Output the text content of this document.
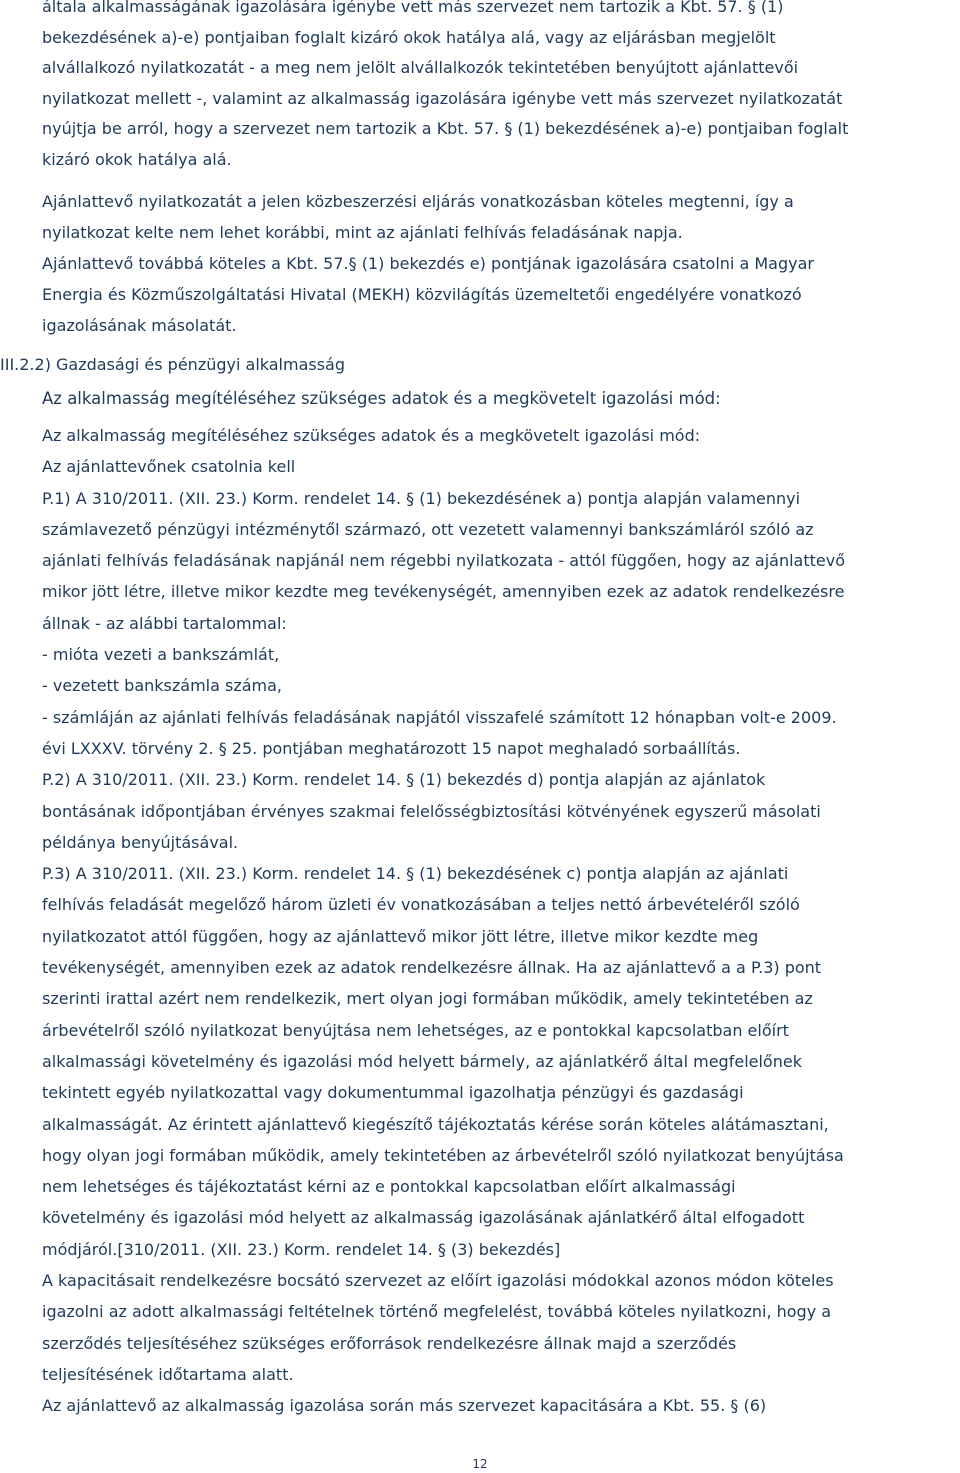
általa alkalmasságának igazolására igénybe vett más szervezet nem tartozik a Kbt. 57. § (1)
bekezdésének a)-e) pontjaiban foglalt kizáró okok hatálya alá, vagy az eljárásban megjelölt
alvállalkozó nyilatkozatát - a meg nem jelölt alvállalkozók tekintetében benyújtott ajánlattevői
nyilatkozat mellett -, valamint az alkalmasság igazolására igénybe vett más szervezet nyilatkozatát
nyújtja be arról, hogy a szervezet nem tartozik a Kbt. 57. § (1) bekezdésének a)-e) pontjaiban foglalt
kizáró okok hatálya alá.
Ajánlattevő nyilatkozatát a jelen közbeszerzési eljárás vonatkozásban köteles megtenni, így a
nyilatkozat kelte nem lehet korábbi, mint az ajánlati felhívás feladásának napja.
Ajánlattevő továbbá köteles a Kbt. 57.§ (1) bekezdés e) pontjának igazolására csatolni a Magyar
Energia és Közműszolgáltatási Hivatal (MEKH) közvilágítás üzemeltetői engedélyére vonatkozó
igazolásának másolatát.
III.2.2) Gazdasági és pénzügyi alkalmasság
Az alkalmasság megítéléséhez szükséges adatok és a megkövetelt igazolási mód:
Az alkalmasság megítéléséhez szükséges adatok és a megkövetelt igazolási mód:
Az ajánlattevőnek csatolnia kell
P.1) A 310/2011. (XII. 23.) Korm. rendelet 14. § (1) bekezdésének a) pontja alapján valamennyi
számlavezető pénzügyi intézménytől származó, ott vezetett valamennyi bankszámláról szóló az
ajánlati felhívás feladásának napjánál nem régebbi nyilatkozata - attól függően, hogy az ajánlattevő
mikor jött létre, illetve mikor kezdte meg tevékenységét, amennyiben ezek az adatok rendelkezésre
állnak - az alábbi tartalommal:
- mióta vezeti a bankszámlát,
- vezetett bankszámla száma,
- számláján az ajánlati felhívás feladásának napjától visszafelé számított 12 hónapban volt-e 2009.
évi LXXXV. törvény 2. § 25. pontjában meghatározott 15 napot meghaladó sorbaállítás.
P.2) A 310/2011. (XII. 23.) Korm. rendelet 14. § (1) bekezdés d) pontja alapján az ajánlatok
bontásának időpontjában érvényes szakmai felelősségbiztosítási kötvényének egyszerű másolati
példánya benyújtásával.
P.3) A 310/2011. (XII. 23.) Korm. rendelet 14. § (1) bekezdésének c) pontja alapján az ajánlati
felhívás feladását megelőző három üzleti év vonatkozásában a teljes nettó árbevételéről szóló
nyilatkozatot attól függően, hogy az ajánlattevő mikor jött létre, illetve mikor kezdte meg
tevékenységét, amennyiben ezek az adatok rendelkezésre állnak. Ha az ajánlattevő a a P.3) pont
szerinti irattal azért nem rendelkezik, mert olyan jogi formában működik, amely tekintetében az
árbevételről szóló nyilatkozat benyújtása nem lehetséges, az e pontokkal kapcsolatban előírt
alkalmassági követelmény és igazolási mód helyett bármely, az ajánlatkérő által megfelelőnek
tekintett egyéb nyilatkozattal vagy dokumentummal igazolhatja pénzügyi és gazdasági
alkalmasságát. Az érintett ajánlattevő kiegészítő tájékoztatás kérése során köteles alátámasztani,
hogy olyan jogi formában működik, amely tekintetében az árbevételről szóló nyilatkozat benyújtása
nem lehetséges és tájékoztatást kérni az e pontokkal kapcsolatban előírt alkalmassági
követelmény és igazolási mód helyett az alkalmasság igazolásának ajánlatkérő által elfogadott
módjáról.[310/2011. (XII. 23.) Korm. rendelet 14. § (3) bekezdés]
A kapacitásait rendelkezésre bocsátó szervezet az előírt igazolási módokkal azonos módon köteles
igazolni az adott alkalmassági feltételnek történő megfelelést, továbbá köteles nyilatkozni, hogy a
szerződés teljesítéséhez szükséges erőforrások rendelkezésre állnak majd a szerződés
teljesítésének időtartama alatt.
Az ajánlattevő az alkalmasság igazolása során más szervezet kapacitására a Kbt. 55. § (6)
12
